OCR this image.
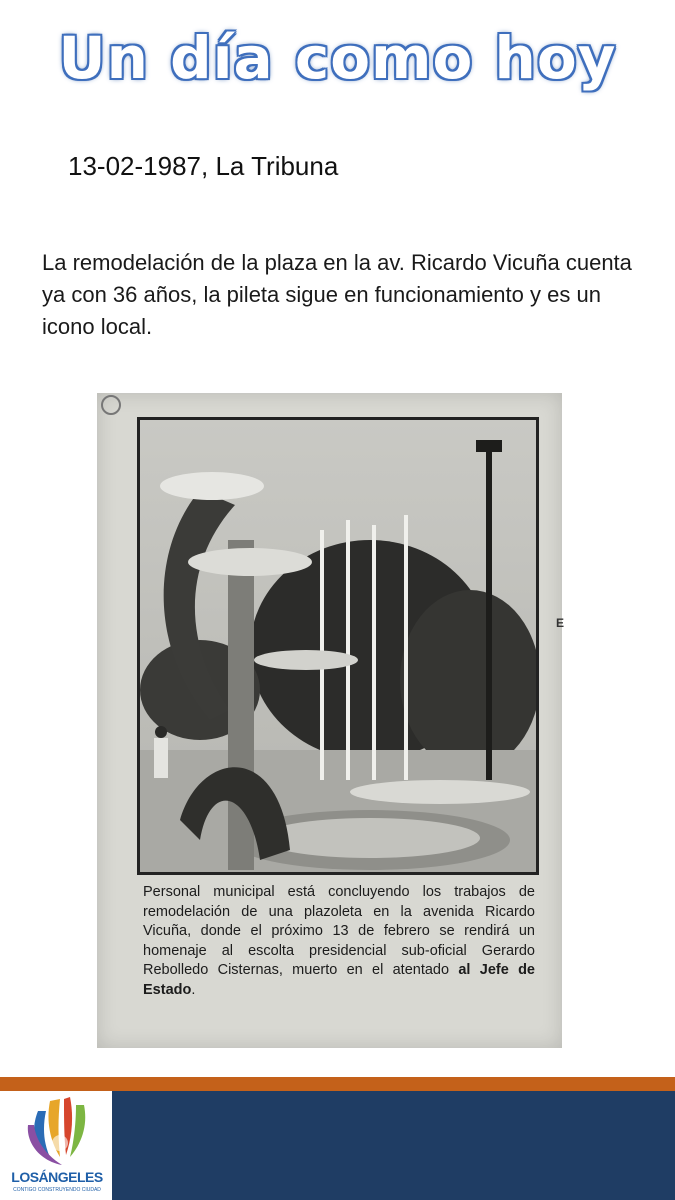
Un día como hoy
13-02-1987, La Tribuna
La remodelación de la plaza en la av. Ricardo Vicuña cuenta ya con 36 años, la pileta sigue en funcionamiento y es un icono local.
Personal municipal está concluyendo los trabajos de remodelación de una plazoleta en la avenida Ricardo Vicuña, donde el próximo 13 de febrero se rendirá un homenaje al escolta presidencial sub-oficial Gerardo Rebolledo Cisternas, muerto en el atentado al Jefe de Estado.
E
LOSÁNGELES
CONTIGO CONSTRUYENDO CIUDAD
